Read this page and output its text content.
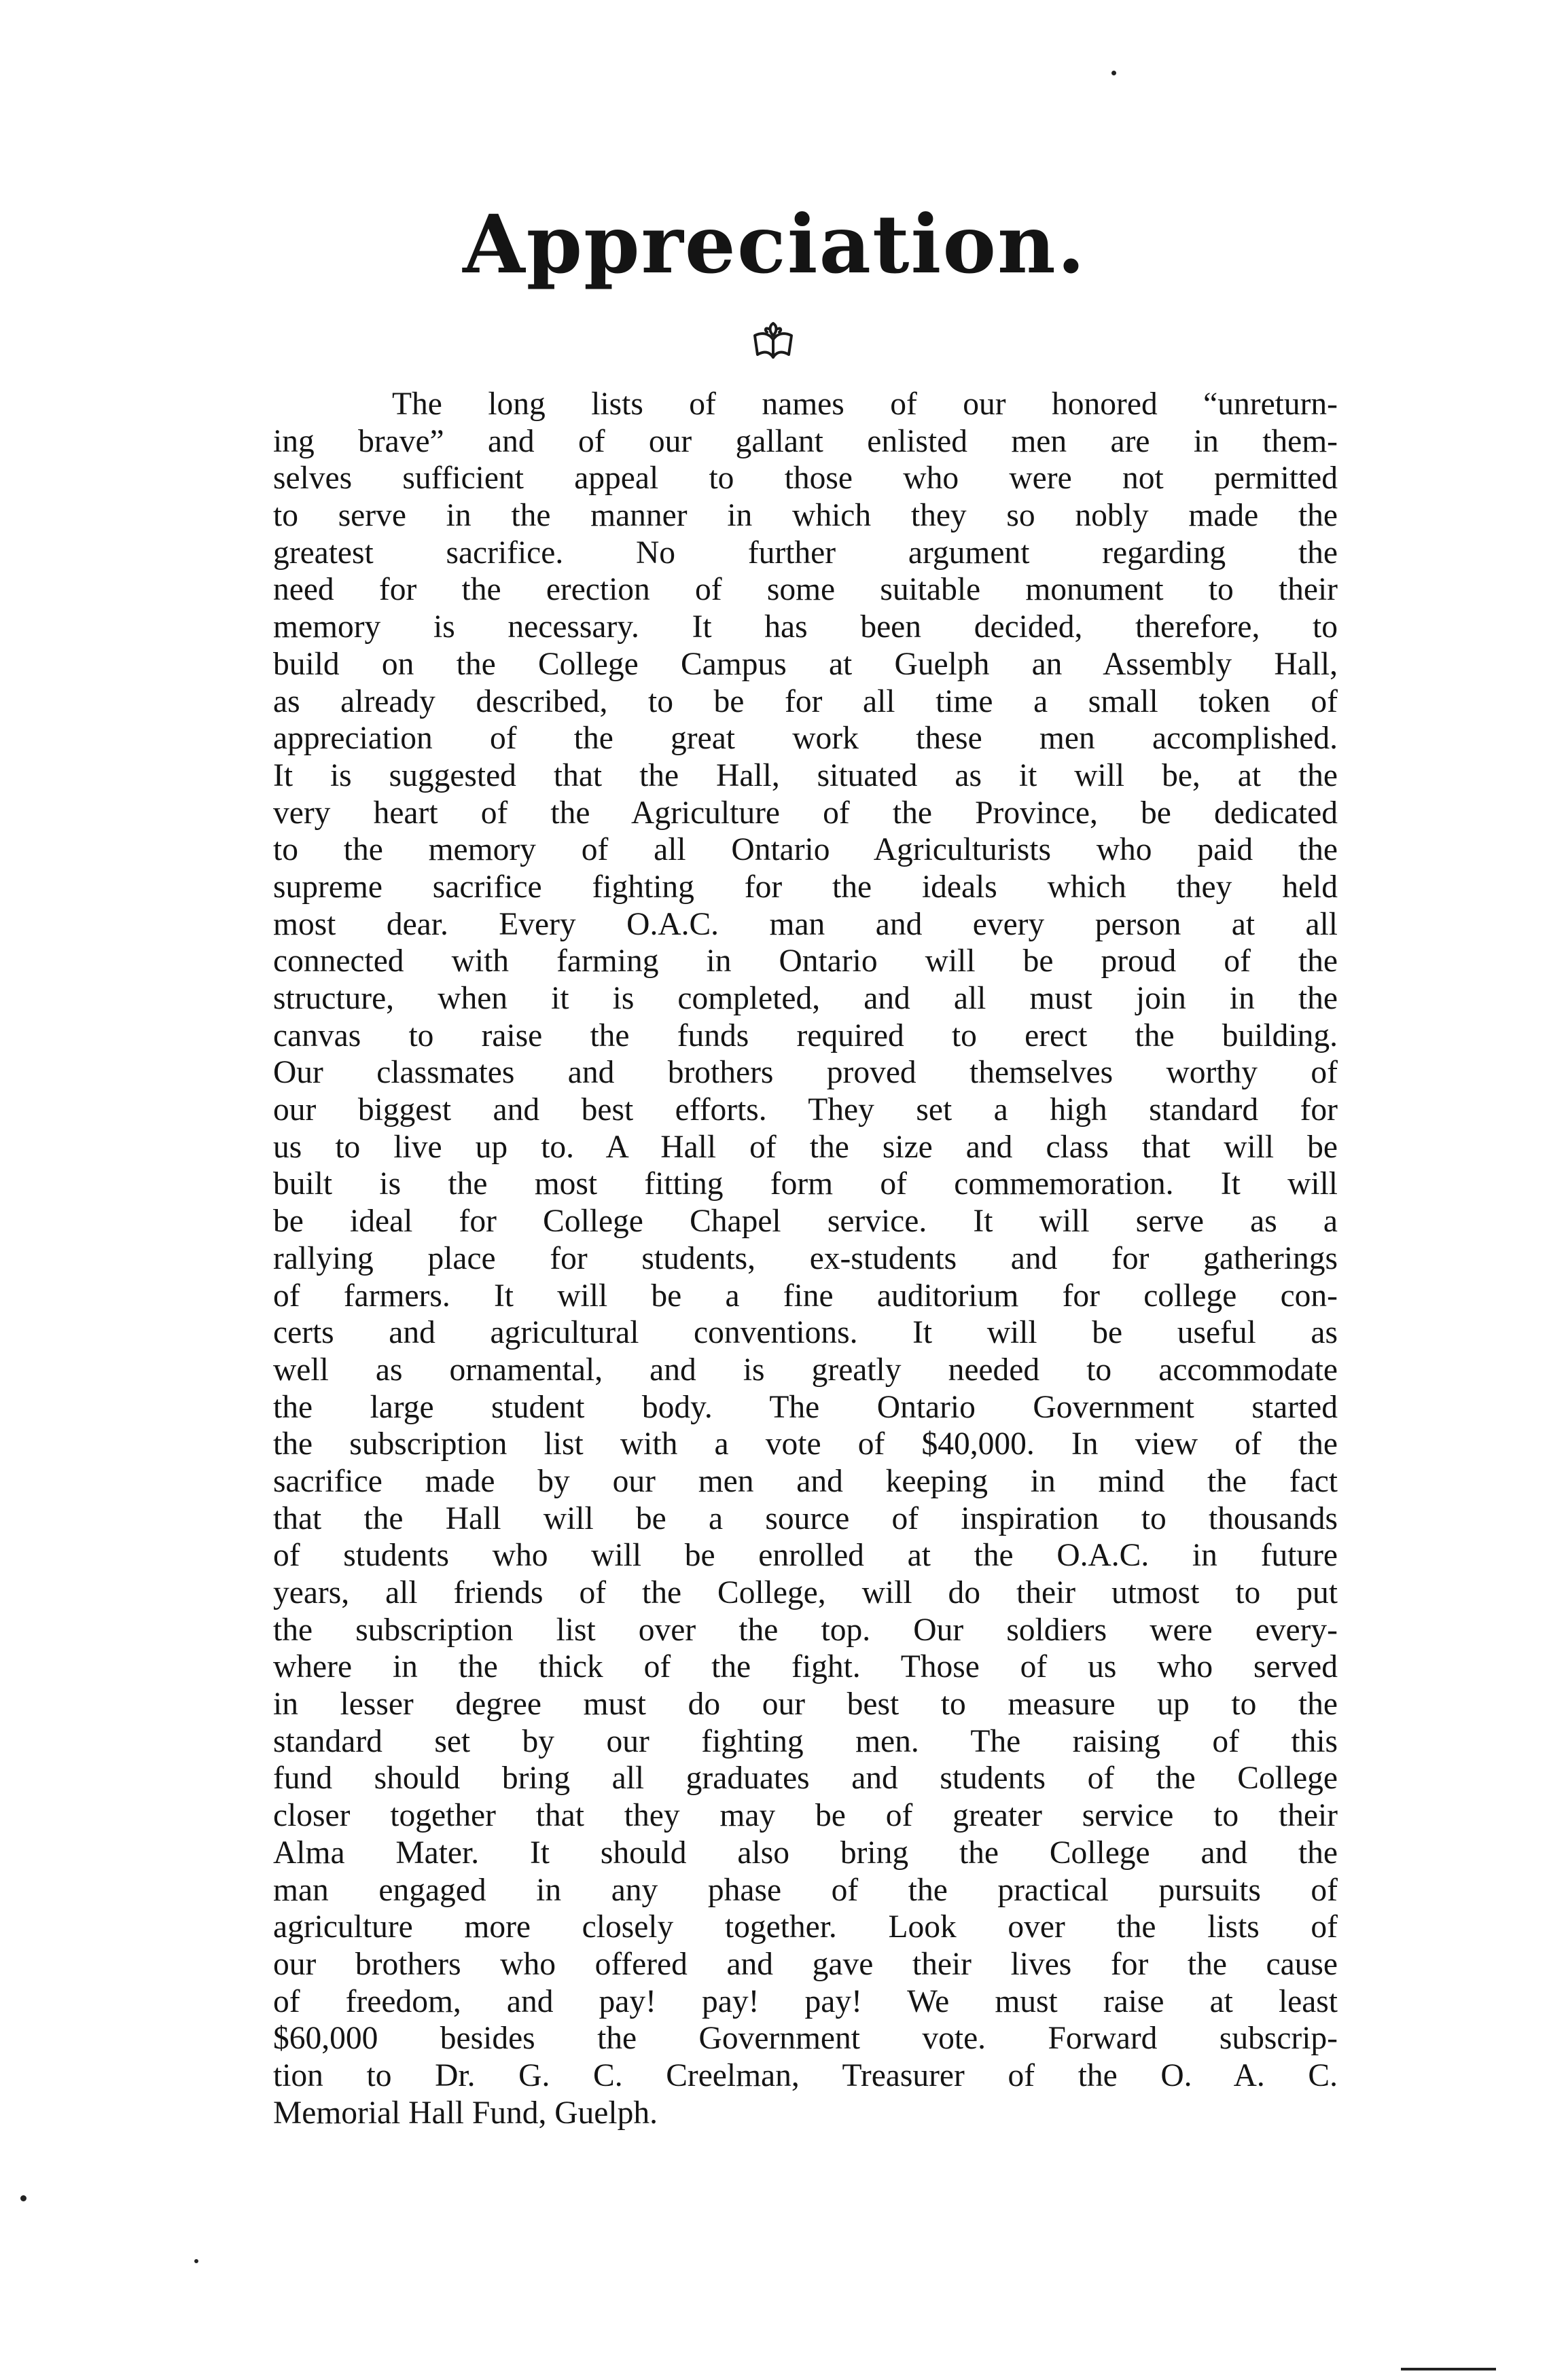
Appreciation.
The long lists of names of our honored “unreturn-
ing brave” and of our gallant enlisted men are in them-
selves sufficient appeal to those who were not permitted
to serve in the manner in which they so nobly made the
greatest sacrifice. No further argument regarding the
need for the erection of some suitable monument to their
memory is necessary. It has been decided, therefore, to
build on the College Campus at Guelph an Assembly Hall,
as already described, to be for all time a small token of
appreciation of the great work these men accomplished.
It is suggested that the Hall, situated as it will be, at the
very heart of the Agriculture of the Province, be dedicated
to the memory of all Ontario Agriculturists who paid the
supreme sacrifice fighting for the ideals which they held
most dear. Every O.A.C. man and every person at all
connected with farming in Ontario will be proud of the
structure, when it is completed, and all must join in the
canvas to raise the funds required to erect the building.
Our classmates and brothers proved themselves worthy of
our biggest and best efforts. They set a high standard for
us to live up to. A Hall of the size and class that will be
built is the most fitting form of commemoration. It will
be ideal for College Chapel service. It will serve as a
rallying place for students, ex-students and for gatherings
of farmers. It will be a fine auditorium for college con-
certs and agricultural conventions. It will be useful as
well as ornamental, and is greatly needed to accommodate
the large student body. The Ontario Government started
the subscription list with a vote of $40,000. In view of the
sacrifice made by our men and keeping in mind the fact
that the Hall will be a source of inspiration to thousands
of students who will be enrolled at the O.A.C. in future
years, all friends of the College, will do their utmost to put
the subscription list over the top. Our soldiers were every-
where in the thick of the fight. Those of us who served
in lesser degree must do our best to measure up to the
standard set by our fighting men. The raising of this
fund should bring all graduates and students of the College
closer together that they may be of greater service to their
Alma Mater. It should also bring the College and the
man engaged in any phase of the practical pursuits of
agriculture more closely together. Look over the lists of
our brothers who offered and gave their lives for the cause
of freedom, and pay! pay! pay! We must raise at least
$60,000 besides the Government vote. Forward subscrip-
tion to Dr. G. C. Creelman, Treasurer of the O. A. C.
Memorial Hall Fund, Guelph.
